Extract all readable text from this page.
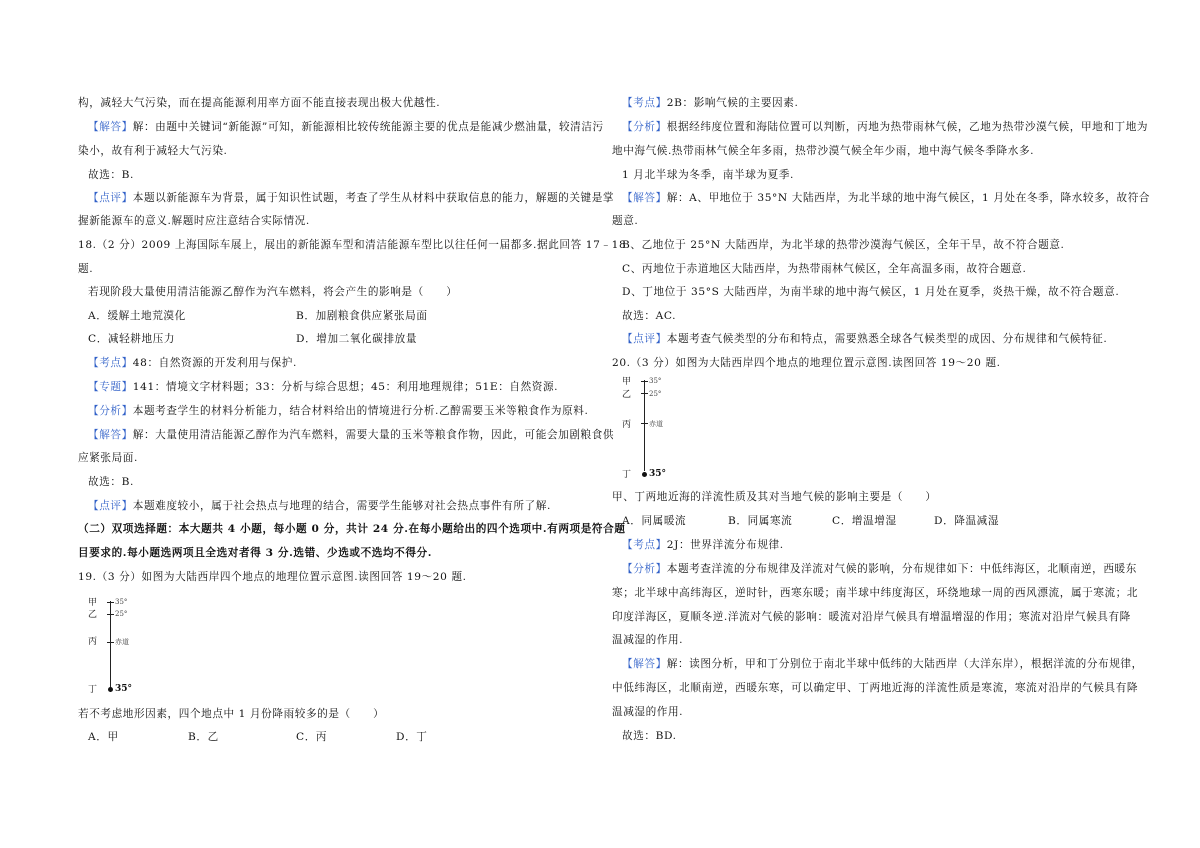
构，减轻大气污染，而在提高能源利用率方面不能直接表现出极大优越性.
【解答】解：由题中关键词“新能源”可知，新能源相比较传统能源主要的优点是能减少燃油量，较清洁污
染小，故有利于减轻大气污染.
故选：B.
【点评】本题以新能源车为背景，属于知识性试题，考查了学生从材料中获取信息的能力，解题的关键是掌
握新能源车的意义.解题时应注意结合实际情况.
18.（2 分）2009 上海国际车展上，展出的新能源车型和清洁能源车型比以往任何一届都多.据此回答 17﹣18
题.
若现阶段大量使用清洁能源乙醇作为汽车燃料，将会产生的影响是（　　）
A．缓解土地荒漠化	B．加剧粮食供应紧张局面
C．减轻耕地压力	D．增加二氧化碳排放量
【考点】48：自然资源的开发利用与保护.
【专题】141：情境文字材料题；33：分析与综合思想；45：利用地理规律；51E：自然资源.
【分析】本题考查学生的材料分析能力，结合材料给出的情境进行分析.乙醇需要玉米等粮食作为原料.
【解答】解：大量使用清洁能源乙醇作为汽车燃料，需要大量的玉米等粮食作物，因此，可能会加剧粮食供
应紧张局面.
故选：B.
【点评】本题难度较小，属于社会热点与地理的结合，需要学生能够对社会热点事件有所了解.
（二）双项选择题：本大题共 4 小题，每小题 0 分，共计 24 分.在每小题给出的四个选项中.有两项是符合题
目要求的.每小题选两项且全选对者得 3 分.选错、少选或不选均不得分.
19.（3 分）如图为大陆西岸四个地点的地理位置示意图.读图回答 19～20 题.
甲	35°
乙	25°
丙	赤道
丁 35°
若不考虑地形因素，四个地点中 1 月份降雨较多的是（　　）
A．甲	B．乙	C．丙	D．丁
【考点】2B：影响气候的主要因素.
【分析】根据经纬度位置和海陆位置可以判断，丙地为热带雨林气候，乙地为热带沙漠气候，甲地和丁地为
地中海气候.热带雨林气候全年多雨，热带沙漠气候全年少雨，地中海气候冬季降水多.
1 月北半球为冬季，南半球为夏季.
【解答】解：A、甲地位于 35°N 大陆西岸，为北半球的地中海气候区，1 月处在冬季，降水较多，故符合
题意.
B、乙地位于 25°N 大陆西岸，为北半球的热带沙漠海气候区，全年干旱，故不符合题意.
C、丙地位于赤道地区大陆西岸，为热带雨林气候区，全年高温多雨，故符合题意.
D、丁地位于 35°S 大陆西岸，为南半球的地中海气候区，1 月处在夏季，炎热干燥，故不符合题意.
故选：AC.
【点评】本题考查气候类型的分布和特点，需要熟悉全球各气候类型的成因、分布规律和气候特征.
20.（3 分）如图为大陆西岸四个地点的地理位置示意图.读图回答 19～20 题.
甲	35°
乙	25°
丙	赤道
丁 35°
甲、丁两地近海的洋流性质及其对当地气候的影响主要是（　　）
A．同属暖流	B．同属寒流	C．增温增湿	D．降温减湿
【考点】2J：世界洋流分布规律.
【分析】本题考查洋流的分布规律及洋流对气候的影响，分布规律如下：中低纬海区，北顺南逆，西暖东
寒；北半球中高纬海区，逆时针，西寒东暖；南半球中纬度海区，环绕地球一周的西风漂流，属于寒流；北
印度洋海区，夏顺冬逆.洋流对气候的影响：暖流对沿岸气候具有增温增湿的作用；寒流对沿岸气候具有降
温减湿的作用.
【解答】解：读图分析，甲和丁分别位于南北半球中低纬的大陆西岸（大洋东岸），根据洋流的分布规律，
中低纬海区，北顺南逆，西暖东寒，可以确定甲、丁两地近海的洋流性质是寒流，寒流对沿岸的气候具有降
温减湿的作用.
故选：BD.
